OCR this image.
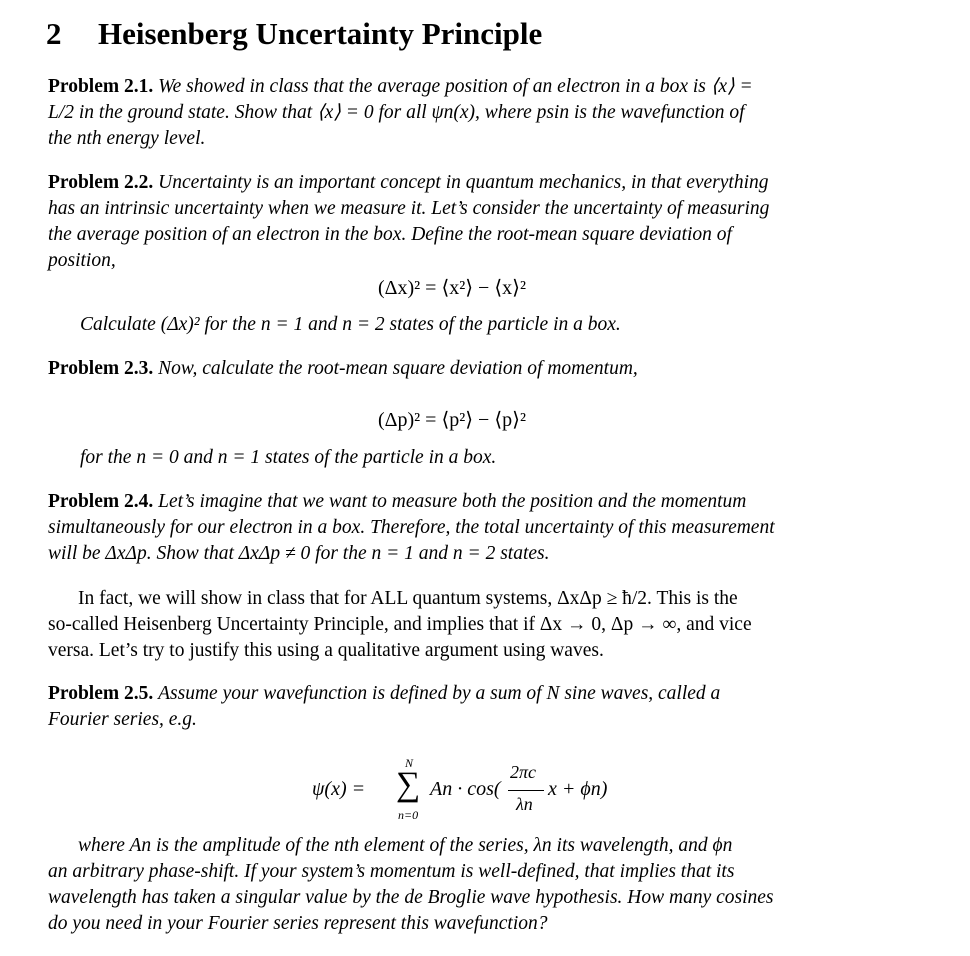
2 Heisenberg Uncertainty Principle
Problem 2.1. We showed in class that the average position of an electron in a box is ⟨x⟩ =
L/2 in the ground state. Show that ⟨x⟩ = 0 for all ψn(x), where psin is the wavefunction of
the nth energy level.
Problem 2.2. Uncertainty is an important concept in quantum mechanics, in that everything
has an intrinsic uncertainty when we measure it. Let’s consider the uncertainty of measuring
the average position of an electron in the box. Define the root-mean square deviation of
position,
(Δx)² = ⟨x²⟩ − ⟨x⟩²
Calculate (Δx)² for the n = 1 and n = 2 states of the particle in a box.
Problem 2.3. Now, calculate the root-mean square deviation of momentum,
(Δp)² = ⟨p²⟩ − ⟨p⟩²
for the n = 0 and n = 1 states of the particle in a box.
Problem 2.4. Let’s imagine that we want to measure both the position and the momentum
simultaneously for our electron in a box. Therefore, the total uncertainty of this measurement
will be ΔxΔp. Show that ΔxΔp ≠ 0 for the n = 1 and n = 2 states.
In fact, we will show in class that for ALL quantum systems, ΔxΔp ≥ ħ/2. This is the
so-called Heisenberg Uncertainty Principle, and implies that if Δx → 0, Δp → ∞, and vice
versa. Let’s try to justify this using a qualitative argument using waves.
Problem 2.5. Assume your wavefunction is defined by a sum of N sine waves, called a
Fourier series, e.g.
ψ(x) =
N
∑
n=0
An · cos(
2πc
λn
x + ϕn)
where An is the amplitude of the nth element of the series, λn its wavelength, and ϕn
an arbitrary phase-shift. If your system’s momentum is well-defined, that implies that its
wavelength has taken a singular value by the de Broglie wave hypothesis. How many cosines
do you need in your Fourier series represent this wavefunction?
